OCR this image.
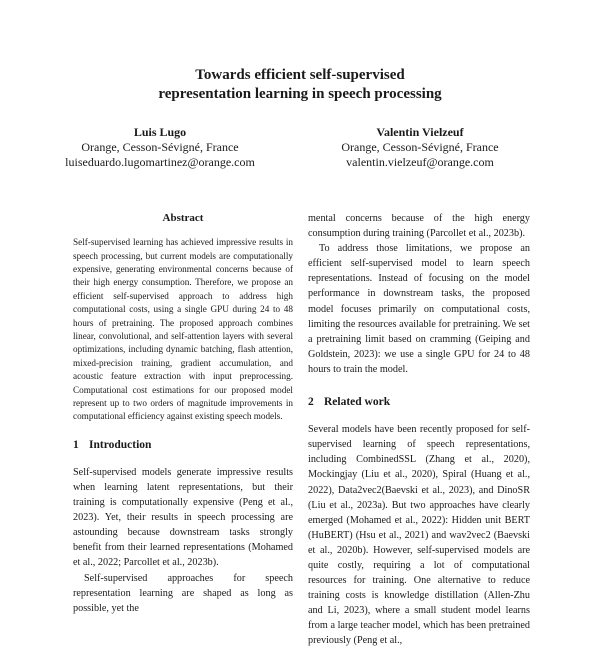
Towards efficient self-supervised
representation learning in speech processing
Luis Lugo
Orange, Cesson-Sévigné, France
luiseduardo.lugomartinez@orange.com
Valentin Vielzeuf
Orange, Cesson-Sévigné, France
valentin.vielzeuf@orange.com
Abstract

Self-supervised learning has achieved impressive results in speech processing, but current models are computationally expensive, generating environmental concerns because of their high energy consumption. Therefore, we propose an efficient self-supervised approach to address high computational costs, using a single GPU during 24 to 48 hours of pretraining. The proposed approach combines linear, convolutional, and self-attention layers with several optimizations, including dynamic batching, flash attention, mixed-precision training, gradient accumulation, and acoustic feature extraction with input preprocessing. Computational cost estimations for our proposed model represent up to two orders of magnitude improvements in computational efficiency against existing speech models.

1 Introduction

Self-supervised models generate impressive results when learning latent representations, but their training is computationally expensive (Peng et al., 2023). Yet, their results in speech processing are astounding because downstream tasks strongly benefit from their learned representations (Mohamed et al., 2022; Parcollet et al., 2023b).

Self-supervised approaches for speech representation learning are shaped as long as possible, yet the

mental concerns because of the high energy consumption during training (Parcollet et al., 2023b).

To address those limitations, we propose an efficient self-supervised model to learn speech representations. Instead of focusing on the model performance in downstream tasks, the proposed model focuses primarily on computational costs, limiting the resources available for pretraining. We set a pretraining limit based on cramming (Geiping and Goldstein, 2023): we use a single GPU for 24 to 48 hours to train the model.

2 Related work

Several models have been recently proposed for self-supervised learning of speech representations, including CombinedSSL (Zhang et al., 2020), Mockingjay (Liu et al., 2020), Spiral (Huang et al., 2022), Data2vec2(Baevski et al., 2023), and DinoSR (Liu et al., 2023a). But two approaches have clearly emerged (Mohamed et al., 2022): Hidden unit BERT (HuBERT) (Hsu et al., 2021) and wav2vec2 (Baevski et al., 2020b). However, self-supervised models are quite costly, requiring a lot of computational resources for training. One alternative to reduce training costs is knowledge distillation (Allen-Zhu and Li, 2023), where a small student model learns from a large teacher model, which has been pretrained previously (Peng et al.,
